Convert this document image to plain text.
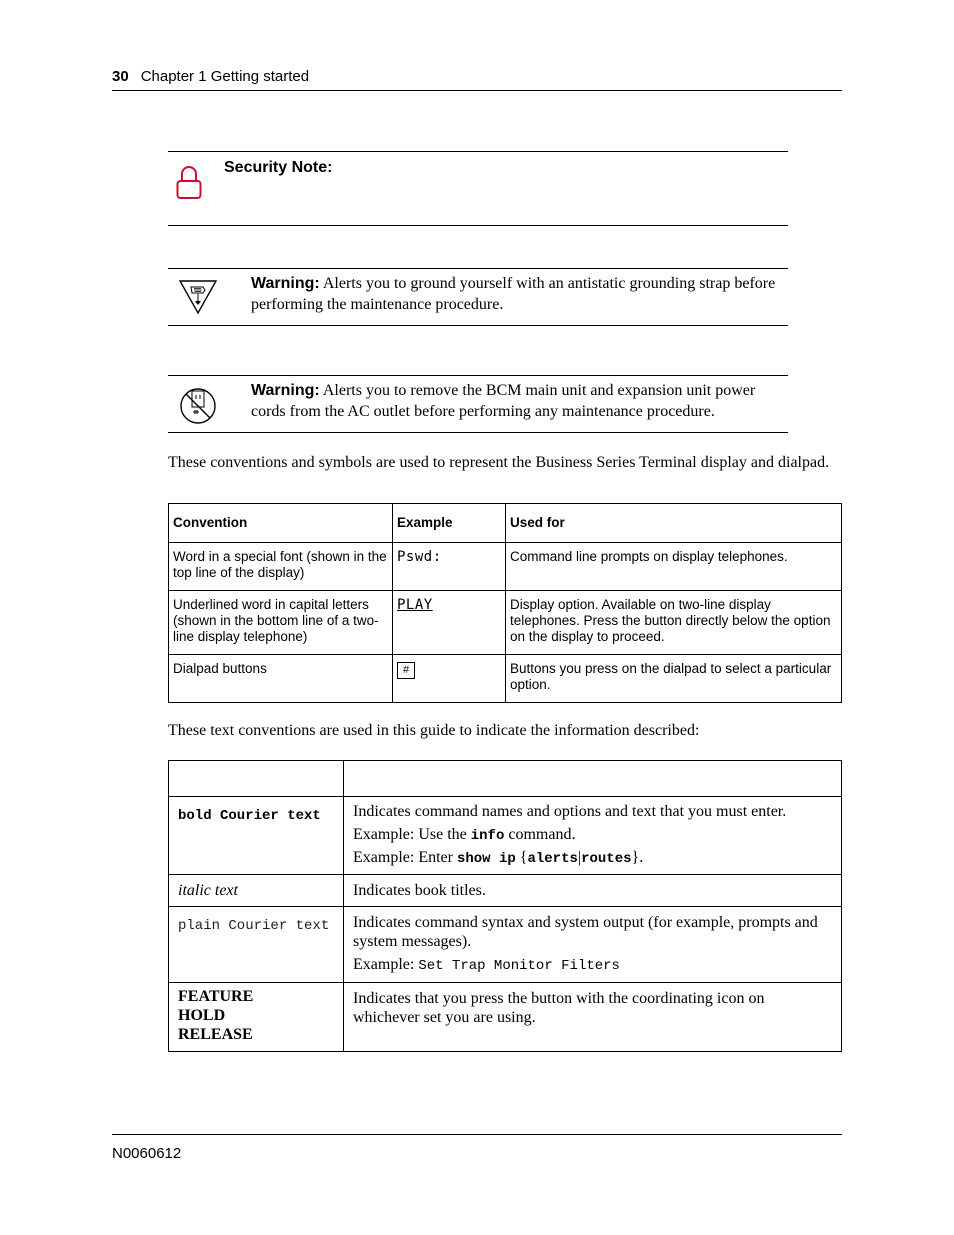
30 Chapter 1 Getting started
Security Note:
Warning: Alerts you to ground yourself with an antistatic grounding strap before performing the maintenance procedure.
Warning: Alerts you to remove the BCM main unit and expansion unit power cords from the AC outlet before performing any maintenance procedure.
These conventions and symbols are used to represent the Business Series Terminal display and dialpad.
Convention	Example	Used for
Word in a special font (shown in the top line of the display)	Pswd:	Command line prompts on display telephones.
Underlined word in capital letters (shown in the bottom line of a two-line display telephone)	PLAY	Display option. Available on two-line display telephones. Press the button directly below the option on the display to proceed.
Dialpad buttons	#	Buttons you press on the dialpad to select a particular option.
These text conventions are used in this guide to indicate the information described:

bold Courier text	Indicates command names and options and text that you must enter.

Example: Use the info command.

Example: Enter show ip {alerts|routes}.

italic text	Indicates book titles.
plain Courier text	Indicates command syntax and system output (for example, prompts and system messages).

Example: Set Trap Monitor Filters

FEATURE
HOLD
RELEASE	Indicates that you press the button with the coordinating icon on whichever set you are using.
N0060612
